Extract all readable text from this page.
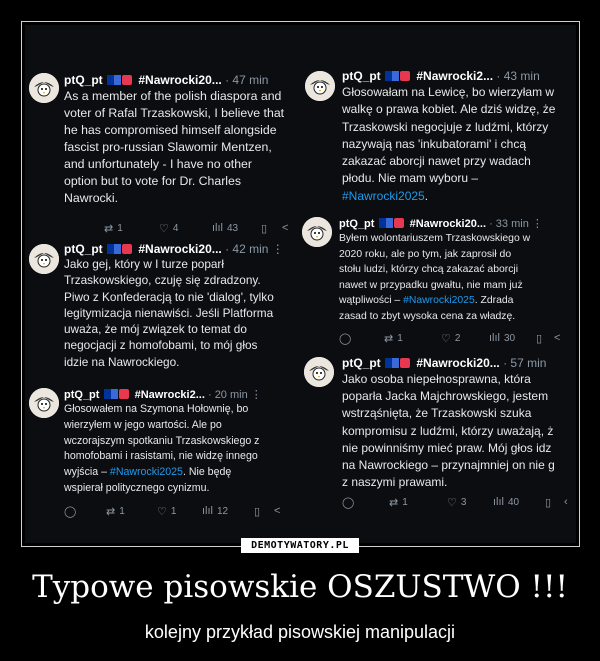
ptQ_pt	#Nawrocki20... · 47 min
As a member of the polish diaspora and
voter of Rafal Trzaskowski, I believe that
he has compromised himself alongside
fascist pro-russian Slawomir Mentzen,
and unfortunately - I have no other
option but to vote for Dr. Charles
Nawrocki.
⇄ 1	♡ 4	ılıl 43 ▯ <
ptQ_pt	#Nawrocki20... · 42 min ⋮
Jako gej, który w I turze poparł
Trzaskowskiego, czuję się zdradzony.
Piwo z Konfederacją to nie 'dialog', tylko
legitymizacja nienawiści. Jeśli Platforma
uważa, że mój związek to temat do
negocjacji z homofobami, to mój głos
idzie na Nawrockiego.
ptQ_pt	#Nawrocki2... · 20 min ⋮
Głosowałem na Szymona Hołownię, bo
wierzyłem w jego wartości. Ale po
wczorajszym spotkaniu Trzaskowskiego z
homofobami i rasistami, nie widzę innego
wyjścia – #Nawrocki2025. Nie będę
wspierał politycznego cynizmu.
◯	⇄ 1	♡ 1 ılıl 12 ▯ <
ptQ_pt	#Nawrocki2... · 43 min
Głosowałam na Lewicę, bo wierzyłam w
walkę o prawa kobiet. Ale dziś widzę, że
Trzaskowski negocjuje z ludźmi, którzy
nazywają nas 'inkubatorami' i chcą
zakazać aborcji nawet przy wadach
płodu. Nie mam wyboru –
#Nawrocki2025.
ptQ_pt	#Nawrocki20... · 33 min ⋮
Byłem wolontariuszem Trzaskowskiego w
2020 roku, ale po tym, jak zaprosił do
stołu ludzi, którzy chcą zakazać aborcji
nawet w przypadku gwałtu, nie mam już
wątpliwości – #Nawrocki2025. Zdrada
zasad to zbyt wysoka cena za władzę.
◯	⇄ 1	♡ 2	ılıl 30 ▯ <
ptQ_pt	#Nawrocki20... · 57 min
Jako osoba niepełnosprawna, która
poparła Jacka Majchrowskiego, jestem
wstrząśnięta, że Trzaskowski szuka
kompromisu z ludźmi, którzy uważają, ż
nie powinniśmy mieć praw. Mój głos idz
na Nawrockiego – przynajmniej on nie g
z naszymi prawami.
◯	⇄ 1	♡ 3 ılıl 40 ▯ ‹
DEMOTYWATORY.PL
Typowe pisowskie OSZUSTWO !!!
kolejny przykład pisowskiej manipulacji
